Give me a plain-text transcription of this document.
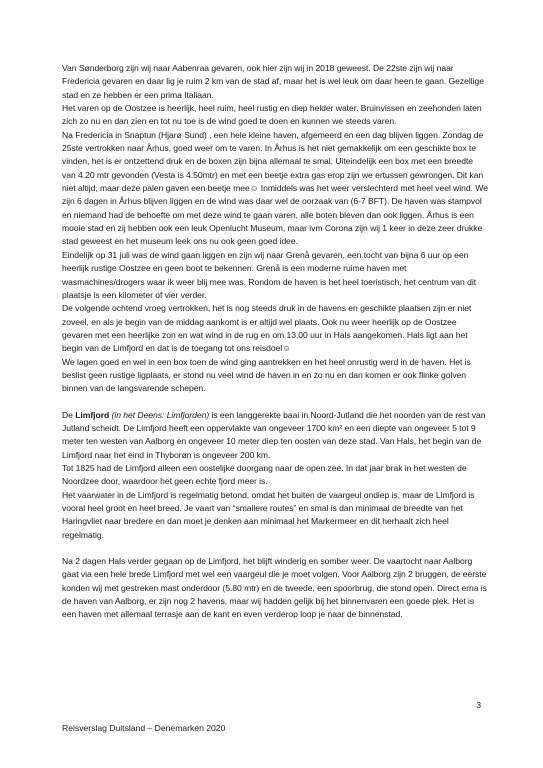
Van Sønderborg zijn wij naar Aabenraa gevaren, ook hier zijn wij in 2018 geweest. De 22ste zijn wij naar Fredericia gevaren en daar lig je ruim 2 km van de stad af, maar het is wel leuk om daar heen te gaan. Gezellige stad en ze hebben er een prima Italiaan.

Het varen op de Oostzee is heerlijk, heel ruim, heel rustig en diep helder water. Bruinvissen en zeehonden laten zich zo nu en dan zien en tot nu toe is de wind goed te doen en kunnen we steeds varen.

Na Fredericia in Snaptun (Hjarø Sund) , een hele kleine haven, afgemeerd en een dag blijven liggen. Zondag de 25ste vertrokken naar Århus, goed weer om te varen. In Århus is het niet gemakkelijk om een geschikte box te vinden, het is er ontzettend druk en de boxen zijn bijna allemaal te smal. Uiteindelijk een box met een breedte van 4.20 mtr gevonden (Vesta is 4.50mtr) en met een beetje extra gas erop zijn we ertussen gewrongen. Dit kan niet altijd, maar deze palen gaven een beetje mee☺ Inmiddels was het weer verslechterd met heel veel wind. We zijn 6 dagen in Århus blijven liggen en de wind was daar wel de oorzaak van (6-7 BFT). De haven was stampvol en niemand had de behoefte om met deze wind te gaan varen, alle boten bleven dan ook liggen. Århus is een mooie stad en zij hebben ook een leuk Openlucht Museum, maar ivm Corona zijn wij 1 keer in deze zeer drukke stad geweest en het museum leek ons nu ook geen goed idee.

Eindelijk op 31 juli was de wind gaan liggen en zijn wij naar Grenå gevaren, een tocht van bijna 6 uur op een heerlijk rustige Oostzee en geen boot te bekennen. Grenå is een moderne ruime haven met wasmachines/drogers waar ik weer blij mee was. Rondom de haven is het heel toeristisch, het centrum van dit plaatsje is een kilometer of vier verder.

De volgende ochtend vroeg vertrokken, het is nog steeds druk in de havens en geschikte plaatsen zijn er niet zoveel, en als je begin van de middag aankomt is er altijd wel plaats. Ook nu weer heerlijk op de Oostzee gevaren met een heerlijke zon en wat wind in de rug en om 13.00 uur in Hals aangekomen. Hals ligt aan het begin van de Limfjord en dat is de toegang tot ons reisdoel☺

We lagen goed en wel in een box toen de wind ging aantrekken en het heel onrustig werd in de haven. Het is beslist geen rustige ligplaats, er stond nu veel wind de haven in en zo nu en dan komen er ook flinke golven binnen van de langsvarende schepen.

De Limfjord (in het Deens: Limfjorden) is een langgerekte baai in Noord-Jutland die het noorden van de rest van Jutland scheidt. De Limfjord heeft een oppervlakte van ongeveer 1700 km² en een diepte van ongeveer 5 tot 9 meter ten westen van Aalborg en ongeveer 10 meter diep ten oosten van deze stad. Van Hals, het begin van de Limfjord naar het eind in Thyborøn is ongeveer 200 km.

Tot 1825 had de Limfjord alleen een oostelijke doorgang naar de open zee. In dat jaar brak in het westen de Noordzee door, waardoor het geen echte fjord meer is.

Het vaarwater in de Limfjord is regelmatig betond, omdat het buiten de vaargeul ondiep is, maar de Limfjord is vooral heel groot en heel breed. Je vaart van “smallere routes” en smal is dan minimaal de breedte van het Haringvliet naar bredere en dan moet je denken aan minimaal het Markermeer en dit herhaalt zich heel regelmatig.

Na 2 dagen Hals verder gegaan op de Limfjord, het blijft winderig en somber weer. De vaartocht naar Aalborg gaat via een hele brede Limfjord met wel een vaargeul die je moet volgen. Voor Aalborg zijn 2 bruggen, de eerste konden wij met gestreken mast onderdoor (5.80 mtr) en de tweede, een spoorbrug, die stond open. Direct erna is de haven van Aalborg, er zijn nog 2 havens, maar wij hadden gelijk bij het binnenvaren een goede plek. Het is een haven met allemaal terrasje aan de kant en even verderop loop je naar de binnenstad.

3
Reisverslag Duitsland – Denemarken 2020
